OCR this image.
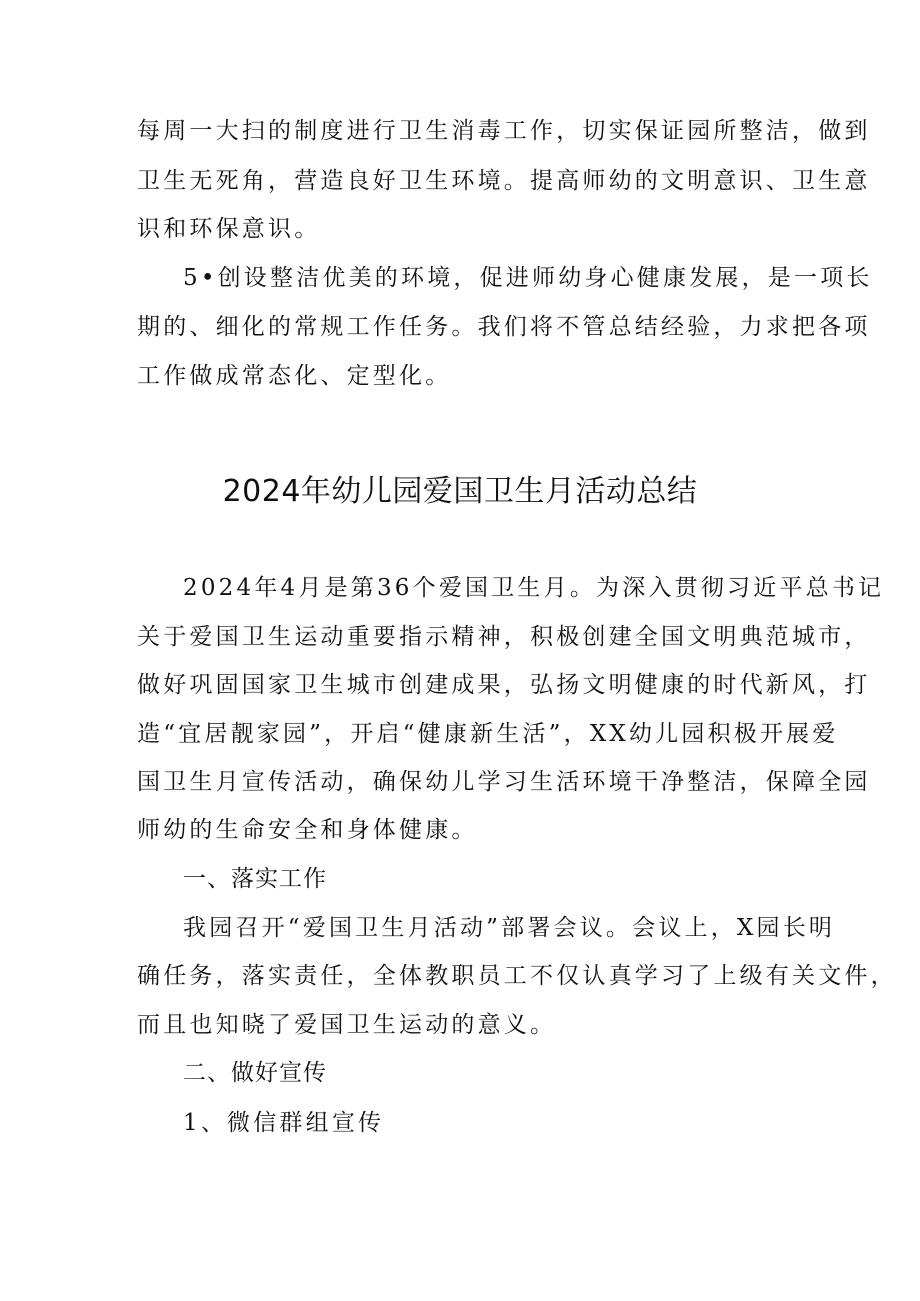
每周一大扫的制度进行卫生消毒工作，切实保证园所整洁，做到
卫生无死角，营造良好卫生环境。提高师幼的文明意识、卫生意
识和环保意识。
5•创设整洁优美的环境，促进师幼身心健康发展，是一项长
期的、细化的常规工作任务。我们将不管总结经验，力求把各项
工作做成常态化、定型化。
2024年幼儿园爱国卫生月活动总结
2024年4月是第36个爱国卫生月。为深入贯彻习近平总书记
关于爱国卫生运动重要指示精神，积极创建全国文明典范城市，
做好巩固国家卫生城市创建成果，弘扬文明健康的时代新风，打
造“宜居靓家园”，开启“健康新生活”，XX幼儿园积极开展爱
国卫生月宣传活动，确保幼儿学习生活环境干净整洁，保障全园
师幼的生命安全和身体健康。
一、落实工作
我园召开“爱国卫生月活动”部署会议。会议上，X园长明
确任务，落实责任，全体教职员工不仅认真学习了上级有关文件，
而且也知晓了爱国卫生运动的意义。
二、做好宣传
1、微信群组宣传
